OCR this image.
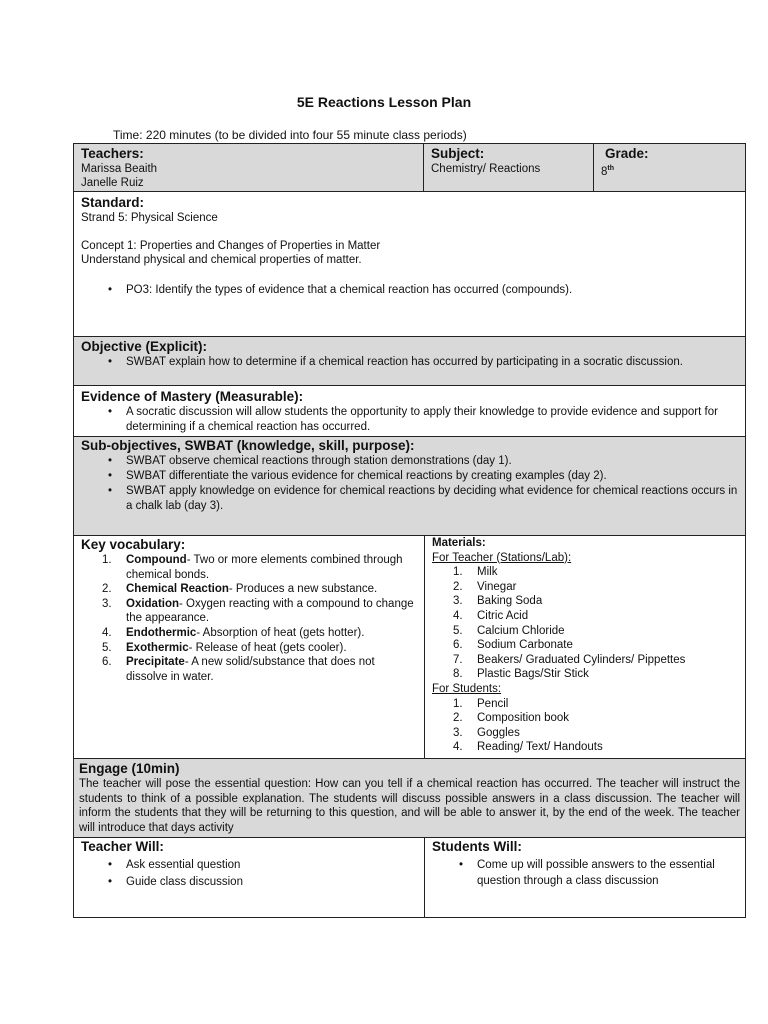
5E Reactions Lesson Plan
Time: 220 minutes (to be divided into four 55 minute class periods)
Teachers:
Marissa Beaith
Janelle Ruiz
Subject:
Chemistry/ Reactions
Grade:
8th
Standard:
Strand 5: Physical Science
Concept 1: Properties and Changes of Properties in Matter
Understand physical and chemical properties of matter.
• PO3: Identify the types of evidence that a chemical reaction has occurred (compounds).
Objective (Explicit):
• SWBAT explain how to determine if a chemical reaction has occurred by participating in a socratic discussion.
Evidence of Mastery (Measurable):
• A socratic discussion will allow students the opportunity to apply their knowledge to provide evidence and support for determining if a chemical reaction has occurred.
Sub-objectives, SWBAT (knowledge, skill, purpose):
• SWBAT observe chemical reactions through station demonstrations (day 1).
• SWBAT differentiate the various evidence for chemical reactions by creating examples (day 2).
• SWBAT apply knowledge on evidence for chemical reactions by deciding what evidence for chemical reactions occurs in a chalk lab (day 3).
Key vocabulary:
1. Compound- Two or more elements combined through chemical bonds.
2. Chemical Reaction- Produces a new substance.
3. Oxidation- Oxygen reacting with a compound to change the appearance.
4. Endothermic- Absorption of heat (gets hotter).
5. Exothermic- Release of heat (gets cooler).
6. Precipitate- A new solid/substance that does not dissolve in water.
Materials:
For Teacher (Stations/Lab):
1. Milk
2. Vinegar
3. Baking Soda
4. Citric Acid
5. Calcium Chloride
6. Sodium Carbonate
7. Beakers/ Graduated Cylinders/ Pippettes
8. Plastic Bags/Stir Stick
For Students:
1. Pencil
2. Composition book
3. Goggles
4. Reading/ Text/ Handouts
Engage (10min)
The teacher will pose the essential question: How can you tell if a chemical reaction has occurred. The teacher will instruct the students to think of a possible explanation. The students will discuss possible answers in a class discussion. The teacher will inform the students that they will be returning to this question, and will be able to answer it, by the end of the week. The teacher will introduce that days activity
Teacher Will:
• Ask essential question
• Guide class discussion
Students Will:
• Come up will possible answers to the essential question through a class discussion
